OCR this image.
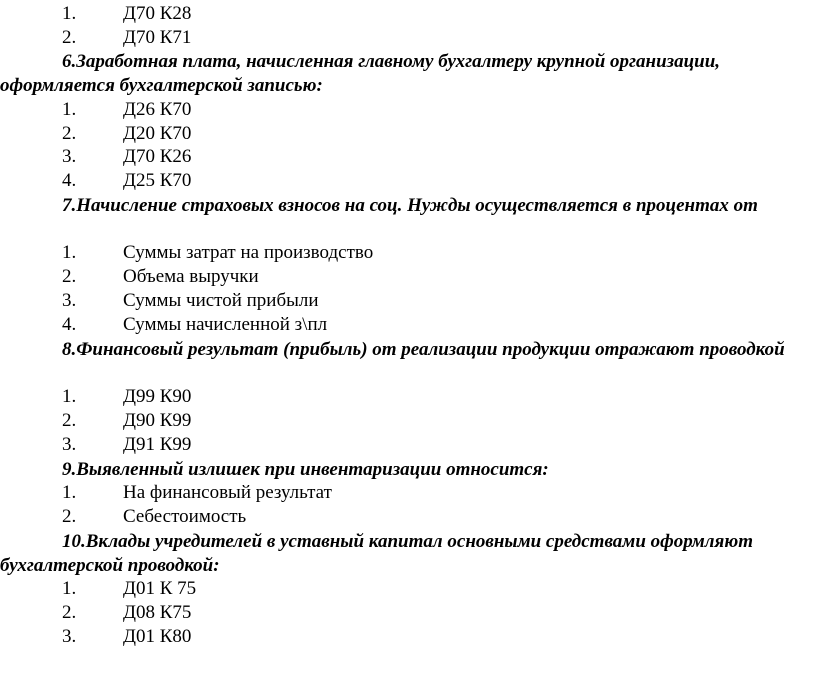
1. Д70 К28
2. Д70 К71
6.Заработная плата, начисленная главному бухгалтеру крупной организации, оформляется бухгалтерской записью:
1. Д26 К70
2. Д20 К70
3. Д70 К26
4. Д25 К70
7.Начисление страховых взносов на соц. Нужды осуществляется в процентах от
1. Суммы затрат на производство
2. Объема выручки
3. Суммы чистой прибыли
4. Суммы начисленной з\пл
8.Финансовый результат (прибыль) от реализации продукции отражают проводкой
1. Д99 К90
2. Д90 К99
3. Д91 К99
9.Выявленный излишек при инвентаризации относится:
1. На финансовый результат
2. Себестоимость
10.Вклады учредителей в уставный капитал основными средствами оформляют бухгалтерской проводкой:
1. Д01 К 75
2. Д08 К75
3. Д01 К80
